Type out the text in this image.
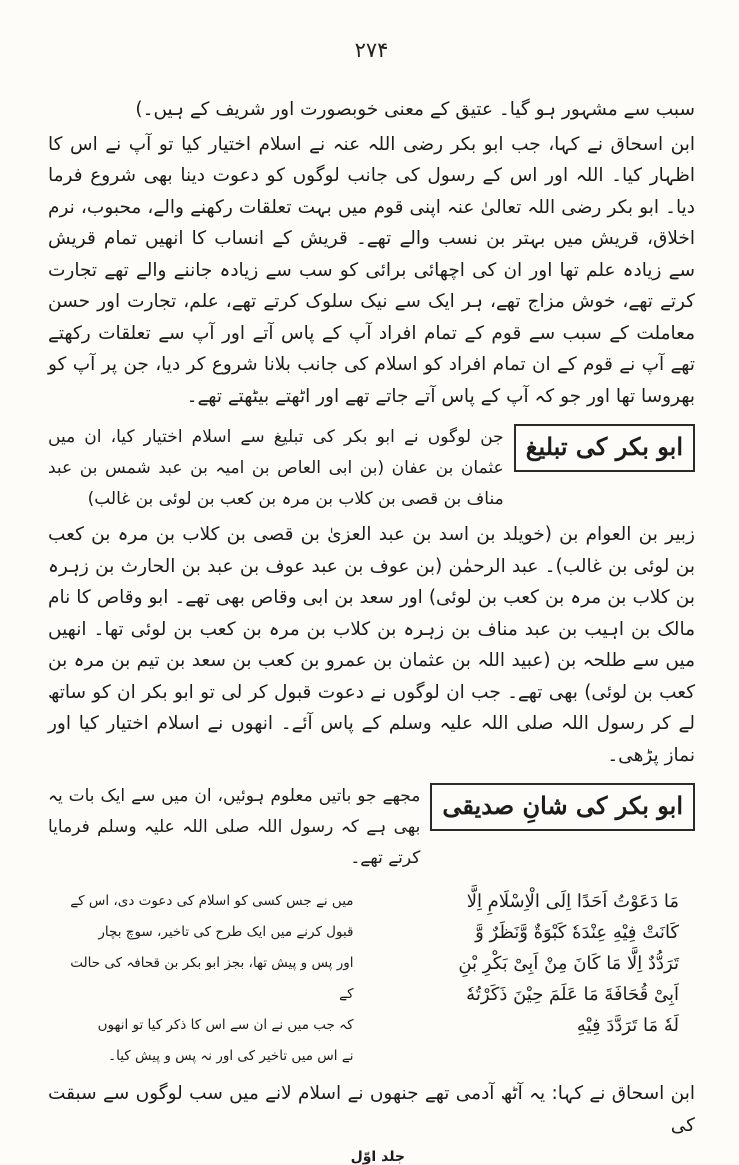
۲۷۴

سبب سے مشہور ہو گیا۔ عتیق کے معنی خوبصورت اور شریف کے ہیں۔)

ابن اسحاق نے کہا، جب ابو بکر رضی اللہ عنہ نے اسلام اختیار کیا تو آپ نے اس کا اظہار کیا۔ اللہ اور اس کے رسول کی جانب لوگوں کو دعوت دینا بھی شروع فرما دیا۔ ابو بکر رضی اللہ تعالیٰ عنہ اپنی قوم میں بہت تعلقات رکھنے والے، محبوب، نرم اخلاق، قریش میں بہتر بن نسب والے تھے۔ قریش کے انساب کا انھیں تمام قریش سے زیادہ علم تھا اور ان کی اچھائی برائی کو سب سے زیادہ جاننے والے تھے تجارت کرتے تھے، خوش مزاج تھے، ہر ایک سے نیک سلوک کرتے تھے، علم، تجارت اور حسن معاملت کے سبب سے قوم کے تمام افراد آپ کے پاس آتے اور آپ سے تعلقات رکھتے تھے آپ نے قوم کے ان تمام افراد کو اسلام کی جانب بلانا شروع کر دیا، جن پر آپ کو بھروسا تھا اور جو کہ آپ کے پاس آتے جاتے تھے اور اٹھتے بیٹھتے تھے۔

ابو بکر کی تبلیغ
جن لوگوں نے ابو بکر کی تبلیغ سے اسلام اختیار کیا، ان میں عثمان بن عفان (بن ابی العاص بن امیہ بن عبد شمس بن عبد مناف بن قصی بن کلاب بن مرہ بن کعب بن لوئی بن غالب)

زبیر بن العوام بن (خویلد بن اسد بن عبد العزیٰ بن قصی بن کلاب بن مرہ بن کعب بن لوئی بن غالب)۔ عبد الرحمٰن (بن عوف بن عبد عوف بن عبد بن الحارث بن زہرہ بن کلاب بن مرہ بن کعب بن لوئی) اور سعد بن ابی وقاص بھی تھے۔ ابو وقاص کا نام مالک بن اہیب بن عبد مناف بن زہرہ بن کلاب بن مرہ بن کعب بن لوئی تھا۔ انھیں میں سے طلحہ بن (عبید اللہ بن عثمان بن عمرو بن کعب بن سعد بن تیم بن مرہ بن کعب بن لوئی) بھی تھے۔ جب ان لوگوں نے دعوت قبول کر لی تو ابو بکر ان کو ساتھ لے کر رسول اللہ صلی اللہ علیہ وسلم کے پاس آئے۔ انھوں نے اسلام اختیار کیا اور نماز پڑھی۔

ابو بکر کی شانِ صدیقی
مجھے جو باتیں معلوم ہوئیں، ان میں سے ایک بات یہ بھی ہے کہ رسول اللہ صلی اللہ علیہ وسلم فرمایا کرتے تھے۔
مَا دَعَوْتُ اَحَدًا اِلَی الْاِسْلَامِ اِلَّا
کَانَتْ فِیْهِ عِنْدَهٗ کَبْوَةٌ وَّنَظَرٌ وَّ
تَرَدُّدٌ اِلَّا مَا کَانَ مِنْ اَبِیْ بَکْرِ بْنِ
اَبِیْ قُحَافَةَ مَا عَلَمَ حِیْنَ ذَکَرْتُهٗ
لَهٗ مَا تَرَدَّدَ فِیْهِ
میں نے جس کسی کو اسلام کی دعوت دی، اس کے
قبول کرنے میں ایک طرح کی تاخیر، سوچ بچار
اور پس و پیش تھا، بجز ابو بکر بن قحافہ کی حالت کے
کہ جب میں نے ان سے اس کا ذکر کیا تو انھوں
نے اس میں تاخیر کی اور نہ پس و پیش کیا۔

ابن اسحاق نے کہا: یہ آٹھ آدمی تھے جنھوں نے اسلام لانے میں سب لوگوں سے سبقت کی

جلد اوّل
